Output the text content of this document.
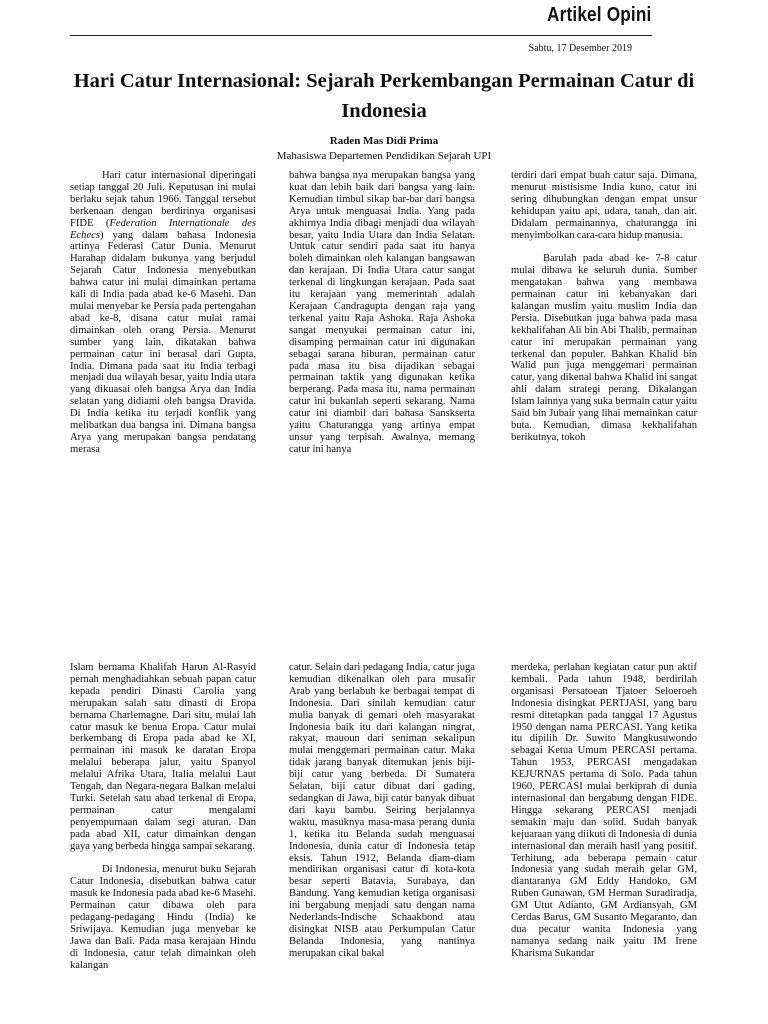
Artikel Opini
Sabtu, 17 Desember 2019
Hari Catur Internasional: Sejarah Perkembangan Permainan Catur di Indonesia
Raden Mas Didi Prima
Mahasiswa Departemen Pendidikan Sejarah UPI

Hari catur internasional diperingati setiap tanggal 20 Juli. Keputusan ini mulai berlaku sejak tahun 1966. Tanggal tersebut berkenaan dengan berdirinya organisasi FIDE (Federation Internationale des Echecs) yang dalam bahasa Indonesia artinya Federasi Catur Dunia. Menurut Harahap didalam bukunya yang berjudul Sejarah Catur Indonesia menyebutkan bahwa catur ini mulai dimainkan pertama kali di India pada abad ke-6 Masehi. Dan mulai menyebar ke Persia pada pertengahan abad ke-8, disana catur mulai ramai dimainkan oleh orang Persia. Menurut sumber yang lain, dikatakan bahwa permainan catur ini berasal dari Gupta, India. Dimana pada saat itu India terbagi menjadi dua wilayah besar, yaitu India utara yang dikuasai oleh bangsa Arya dan India selatan yang didiami oleh bangsa Dravida. Di India ketika itu terjadi konflik yang melibatkan dua bangsa ini. Dimana bangsa Arya yang merupakan bangsa pendatang merasa

bahwa bangsa nya merupakan bangsa yang kuat dan lebih baik dari bangsa yang lain. Kemudian timbul sikap bar-bar dari bangsa Arya untuk menguasai India. Yang pada akhirnya India dibagi menjadi dua wilayah besar, yaitu India Utara dan India Selatan. Untuk catur sendiri pada saat itu hanya boleh dimainkan oleh kalangan bangsawan dan kerajaan. Di India Utara catur sangat terkenal di lingkungan kerajaan. Pada saat itu kerajaan yang memerintah adalah Kerajaan Candragupta dengan raja yang terkenal yaitu Raja Ashoka. Raja Ashoka sangat menyukai permainan catur ini, disamping permainan catur ini digunakan sebagai sarana hiburan, permainan catur pada masa itu bisa dijadikan sebagai permainan taktik yang digunakan ketika berperang. Pada masa itu, nama permainan catur ini bukanlah seperti sekarang. Nama catur ini diambil dari bahasa Sanskserta yaitu Chaturangga yang artinya empat unsur yang terpisah. Awalnya, memang catur ini hanya

terdiri dari empat buah catur saja. Dimana, menurut mistisisme India kuno, catur ini sering dihubungkan dengan empat unsur kehidupan yaitu api, udara, tanah, dan air. Didalam permainannya, chaturangga ini menyimbolkan cara-cara hidup manusia.

Barulah pada abad ke- 7-8 catur mulai dibawa ke seluruh dunia. Sumber mengatakan bahwa yang membawa permainan catur ini kebanyakan dari kalangan muslim yaitu muslim India dan Persia. Disebutkan juga bahwa pada masa kekhalifahan Ali bin Abi Thalib, permainan catur ini merupakan permainan yang terkenal dan populer. Bahkan Khalid bin Walid pun juga menggemari permainan catur, yang dikenal bahwa Khalid ini sangat ahli dalam strategi perang. Dikalangan Islam lainnya yang suka bermain catur yaitu Said bin Jubair yang lihai memainkan catur buta. Kemudian, dimasa kekhalifahan berikutnya, tokoh

Islam bernama Khalifah Harun Al-Rasyid pernah menghadiahkan sebuah papan catur kepada pendiri Dinasti Carolia yang merupakan salah satu dinasti di Eropa bernama Charlemagne. Dari situ, mulai lah catur masuk ke benua Eropa. Catur mulai berkembang di Eropa pada abad ke XI, permainan ini masuk ke daratan Eropa melalui beberapa jalur, yaitu Spanyol melalui Afrika Utara, Italia melalui Laut Tengah, dan Negara-negara Balkan melalui Turki. Setelah satu abad terkenal di Eropa, permainan catur mengalami penyempurnaan dalam segi aturan. Dan pada abad XII, catur dimainkan dengan gaya yang berbeda hingga sampai sekarang.

Di Indonesia, menurut buku Sejarah Catur Indonesia, disebutkan bahwa catur masuk ke Indonesia pada abad ke-6 Masehi. Permainan catur dibawa oleh para pedagang-pedagang Hindu (India) ke Sriwijaya. Kemudian juga menyebar ke Jawa dan Bali. Pada masa kerajaan Hindu di Indonesia, catur telah dimainkan oleh kalangan

catur. Selain dari pedagang India, catur juga kemudian dikenalkan oleh para musafir Arab yang berlabuh ke berbagai tempat di Indonesia. Dari sinilah kemudian catur mulia banyak di gemari oleh masyarakat Indonesia baik itu dari kalangan ningrat, rakyat, mauoun dari seniman sekalipun mulai menggemari permainan catur. Maka tidak jarang banyak ditemukan jenis biji-biji catur yang berbeda. Di Sumatera Selatan, biji catur dibuat dari gading, sedangkan di Jawa, biji catur banyak dibuat dari kayu bambu. Seiring berjalannya waktu, masuknya masa-masa perang dunia 1, ketika itu Belanda sudah menguasai Indonesia, dunia catur di Indonesia tetap eksis. Tahun 1912, Belanda diam-diam mendirikan organisasi catur di kota-kota besar seperti Batavia, Surabaya, dan Bandung. Yang kemudian ketiga organisasi ini bergabung menjadi satu dengan nama Nederlands-Indische Schaakbond atau disingkat NISB atau Perkumpulan Catur Belanda Indonesia, yang nantinya merupakan cikal bakal

merdeka, perlahan kegiatan catur pun aktif kembali. Pada tahun 1948, berdirilah organisasi Persatoean Tjatoer Seloeroeh Indonesia disingkat PERTJASI, yang baru resmi ditetapkan pada tanggal 17 Agustus 1950 dengan nama PERCASI. Yang ketika itu dipilih Dr. Suwito Mangkusuwondo sebagai Ketua Umum PERCASI pertama. Tahun 1953, PERCASI mengadakan KEJURNAS pertama di Solo. Pada tahun 1960, PERCASI mulai berkiprah di dunia internasional dan bergabung dengan FIDE. Hingga sekarang PERCASI menjadi semakin maju dan solid. Sudah banyak kejuaraan yang diikuti di Indonesia di dunia internasional dan meraih hasil yang positif. Terhitung, ada beberapa pemain catur Indonesia yang sudah meraih gelar GM, diantaranya GM Eddy Handoko, GM Ruben Gunawan, GM Herman Suradiradja, GM Utut Adianto, GM Ardiansyah, GM Cerdas Barus, GM Susanto Megaranto, dan dua pecatur wanita Indonesia yang namanya sedang naik yaitu IM Irene Kharisma Sukandar
